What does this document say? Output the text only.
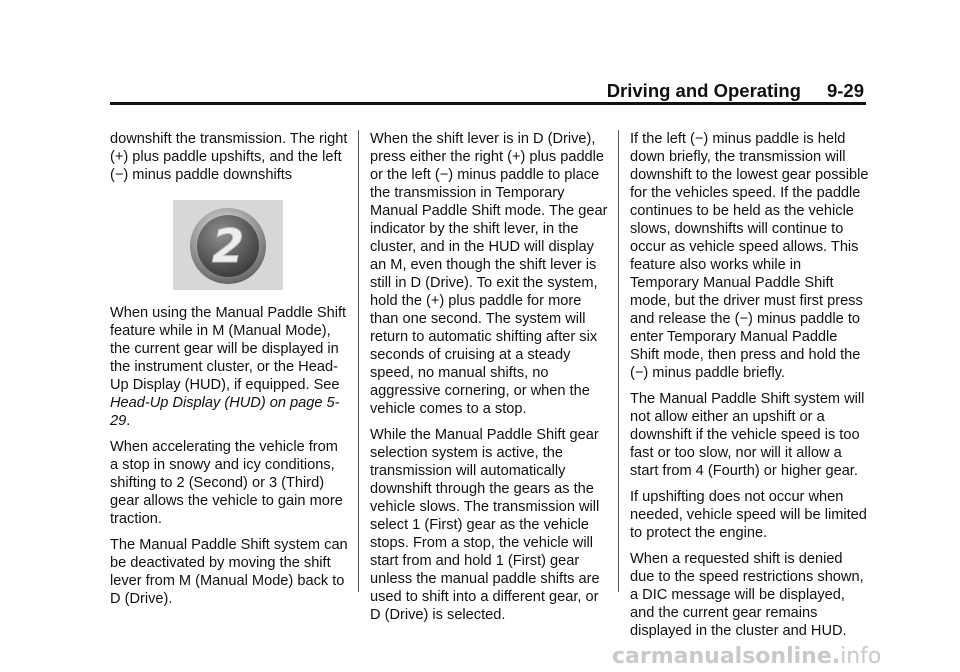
Driving and Operating 9-29

downshift the transmission. The right (+) plus paddle upshifts, and the left (−) minus paddle downshifts

2

When using the Manual Paddle Shift feature while in M (Manual Mode), the current gear will be displayed in the instrument cluster, or the Head-Up Display (HUD), if equipped. See Head-Up Display (HUD) on page 5-29.

When accelerating the vehicle from a stop in snowy and icy conditions, shifting to 2 (Second) or 3 (Third) gear allows the vehicle to gain more traction.

The Manual Paddle Shift system can be deactivated by moving the shift lever from M (Manual Mode) back to D (Drive).

When the shift lever is in D (Drive), press either the right (+) plus paddle or the left (−) minus paddle to place the transmission in Temporary Manual Paddle Shift mode. The gear indicator by the shift lever, in the cluster, and in the HUD will display an M, even though the shift lever is still in D (Drive). To exit the system, hold the (+) plus paddle for more than one second. The system will return to automatic shifting after six seconds of cruising at a steady speed, no manual shifts, no aggressive cornering, or when the vehicle comes to a stop.

While the Manual Paddle Shift gear selection system is active, the transmission will automatically downshift through the gears as the vehicle slows. The transmission will select 1 (First) gear as the vehicle stops. From a stop, the vehicle will start from and hold 1 (First) gear unless the manual paddle shifts are used to shift into a different gear, or D (Drive) is selected.

If the left (−) minus paddle is held down briefly, the transmission will downshift to the lowest gear possible for the vehicles speed. If the paddle continues to be held as the vehicle slows, downshifts will continue to occur as vehicle speed allows. This feature also works while in Temporary Manual Paddle Shift mode, but the driver must first press and release the (−) minus paddle to enter Temporary Manual Paddle Shift mode, then press and hold the (−) minus paddle briefly.

The Manual Paddle Shift system will not allow either an upshift or a downshift if the vehicle speed is too fast or too slow, nor will it allow a start from 4 (Fourth) or higher gear.

If upshifting does not occur when needed, vehicle speed will be limited to protect the engine.

When a requested shift is denied due to the speed restrictions shown, a DIC message will be displayed, and the current gear remains displayed in the cluster and HUD.

carmanualsonline.info
